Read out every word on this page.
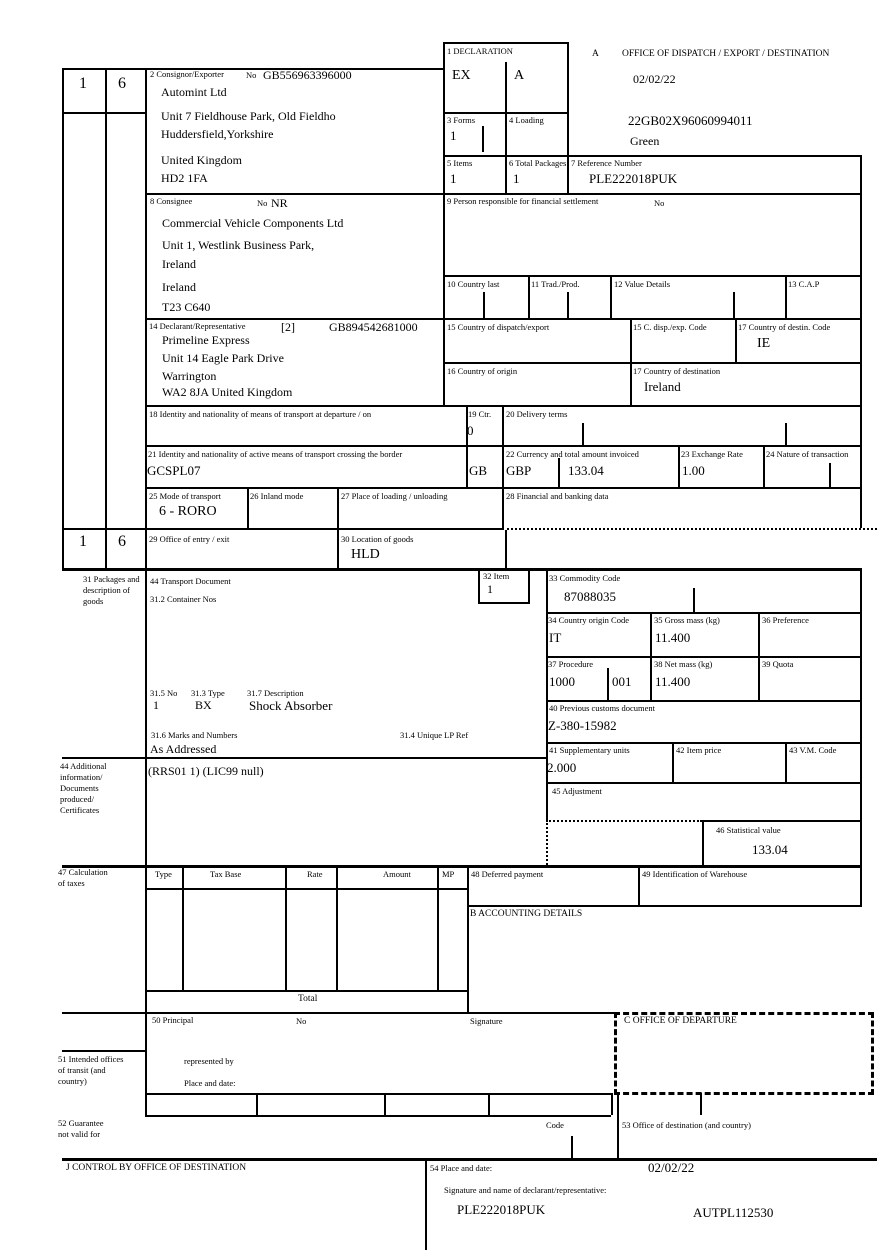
1 6
1 6
1 DECLARATION
EX	A
A OFFICE OF DISPATCH / EXPORT / DESTINATION
02/02/22
22GB02X96060994011
Green
2 Consignor/Exporter	No GB556963396000
Automint Ltd
Unit 7 Fieldhouse Park, Old Fieldho
Huddersfield,Yorkshire
United Kingdom
HD2 1FA
3 Forms
1
4 Loading
5 Items
1
6 Total Packages
1
7 Reference Number
PLE222018PUK
8 Consignee	No NR
Commercial Vehicle Components Ltd
Unit 1, Westlink Business Park,
Ireland
Ireland
T23 C640
9 Person responsible for financial settlement	No
10 Country last	11 Trad./Prod.	12 Value Details	13 C.A.P
14 Declarant/Representative	[2]	GB894542681000
Primeline Express
Unit 14 Eagle Park Drive
Warrington
WA2 8JA United Kingdom
15 Country of dispatch/export	15 C. disp./exp. Code	17 Country of destin. Code
IE
16 Country of origin	17 Country of destination
Ireland
18 Identity and nationality of means of transport at departure / on	19 Ctr.
0
20 Delivery terms
21 Identity and nationality of active means of transport crossing the border
GCSPL07	GB
22 Currency and total amount invoiced
GBP	133.04
23 Exchange Rate
1.00
24 Nature of transaction
25 Mode of transport
6 - RORO
26 Inland mode	27 Place of loading / unloading	28 Financial and banking data
29 Office of entry / exit	30 Location of goods
HLD
31 Packages and description of goods
44 Transport Document
31.2 Container Nos
32 Item
1
33 Commodity Code
87088035
34 Country origin Code
IT
35 Gross mass (kg)
11.400
36 Preference
37 Procedure
1000	001
38 Net mass (kg)
11.400
39 Quota
40 Previous customs document
Z-380-15982
41 Supplementary units
2.000
42 Item price	43 V.M. Code
31.5 No
1
31.3 Type
BX
31.7 Description
Shock Absorber
31.6 Marks and Numbers
As Addressed
31.4 Unique LP Ref
44 Additional information/ Documents produced/ Certificates
(RRS01 1) (LIC99 null)
45 Adjustment
46 Statistical value
133.04
47 Calculation of taxes
Type	Tax Base	Rate	Amount	MP
Total
48 Deferred payment	49 Identification of Warehouse
B ACCOUNTING DETAILS
50 Principal	No	Signature
represented by
Place and date:
C OFFICE OF DEPARTURE
51 Intended offices of transit (and country)
52 Guarantee not valid for
Code	53 Office of destination (and country)
J CONTROL BY OFFICE OF DESTINATION	54 Place and date:	02/02/22
Signature and name of declarant/representative:
PLE222018PUK	AUTPL112530
